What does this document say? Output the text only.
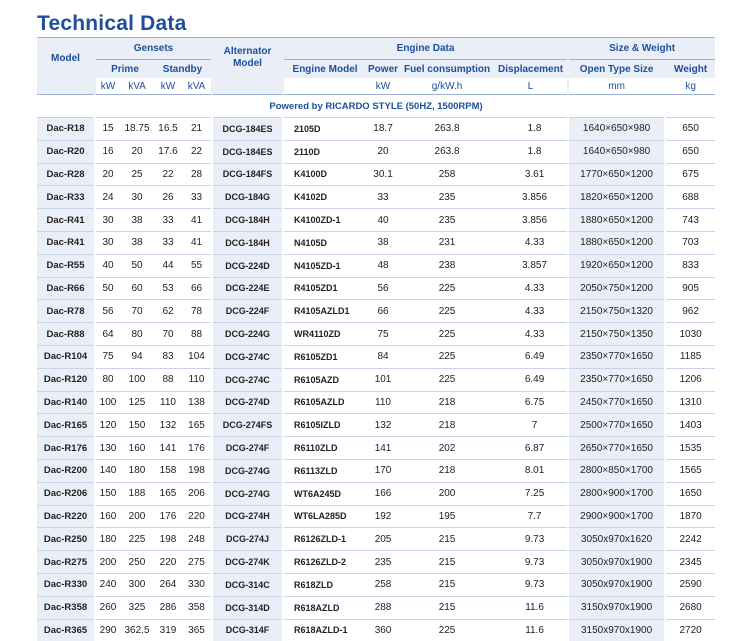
Technical Data
Model		Gensets					Alternator Model		Engine Data					Size & Weight		
		Prime		Standby					Engine Model	Power	Fuel consumption	Displacement		Open Type Size		Weight
		kW	kVA	kW	kVA					kW	g/kW.h	L		mm		kg
Powered by RICARDO STYLE (50HZ, 1500RPM)																
Dac-R18		15	18.75	16.5	21		DCG-184ES		2105D	18.7	263.8	1.8		1640×650×980		650
Dac-R20		16	20	17.6	22		DCG-184ES		2110D	20	263.8	1.8		1640×650×980		650
Dac-R28		20	25	22	28		DCG-184FS		K4100D	30.1	258	3.61		1770×650×1200		675
Dac-R33		24	30	26	33		DCG-184G		K4102D	33	235	3.856		1820×650×1200		688
Dac-R41		30	38	33	41		DCG-184H		K4100ZD-1	40	235	3.856		1880×650×1200		743
Dac-R41		30	38	33	41		DCG-184H		N4105D	38	231	4.33		1880×650×1200		703
Dac-R55		40	50	44	55		DCG-224D		N4105ZD-1	48	238	3.857		1920×650×1200		833
Dac-R66		50	60	53	66		DCG-224E		R4105ZD1	56	225	4.33		2050×750×1200		905
Dac-R78		56	70	62	78		DCG-224F		R4105AZLD1	66	225	4.33		2150×750×1320		962
Dac-R88		64	80	70	88		DCG-224G		WR4110ZD	75	225	4.33		2150×750×1350		1030
Dac-R104		75	94	83	104		DCG-274C		R6105ZD1	84	225	6.49		2350×770×1650		1185
Dac-R120		80	100	88	110		DCG-274C		R6105AZD	101	225	6.49		2350×770×1650		1206
Dac-R140		100	125	110	138		DCG-274D		R6105AZLD	110	218	6.75		2450×770×1650		1310
Dac-R165		120	150	132	165		DCG-274FS		R6105IZLD	132	218	7		2500×770×1650		1403
Dac-R176		130	160	141	176		DCG-274F		R6110ZLD	141	202	6.87		2650×770×1650		1535
Dac-R200		140	180	158	198		DCG-274G		R6113ZLD	170	218	8.01		2800×850×1700		1565
Dac-R206		150	188	165	206		DCG-274G		WT6A245D	166	200	7.25		2800×900×1700		1650
Dac-R220		160	200	176	220		DCG-274H		WT6LA285D	192	195	7.7		2900×900×1700		1870
Dac-R250		180	225	198	248		DCG-274J		R6126ZLD-1	205	215	9.73		3050x970x1620		2242
Dac-R275		200	250	220	275		DCG-274K		R6126ZLD-2	235	215	9.73		3050x970x1900		2345
Dac-R330		240	300	264	330		DCG-314C		R618ZLD	258	215	9.73		3050x970x1900		2590
Dac-R358		260	325	286	358		DCG-314D		R618AZLD	288	215	11.6		3150x970x1900		2680
Dac-R365		290	362.5	319	365		DCG-314F		R618AZLD-1	360	225	11.6		3150x970x1900		2720
